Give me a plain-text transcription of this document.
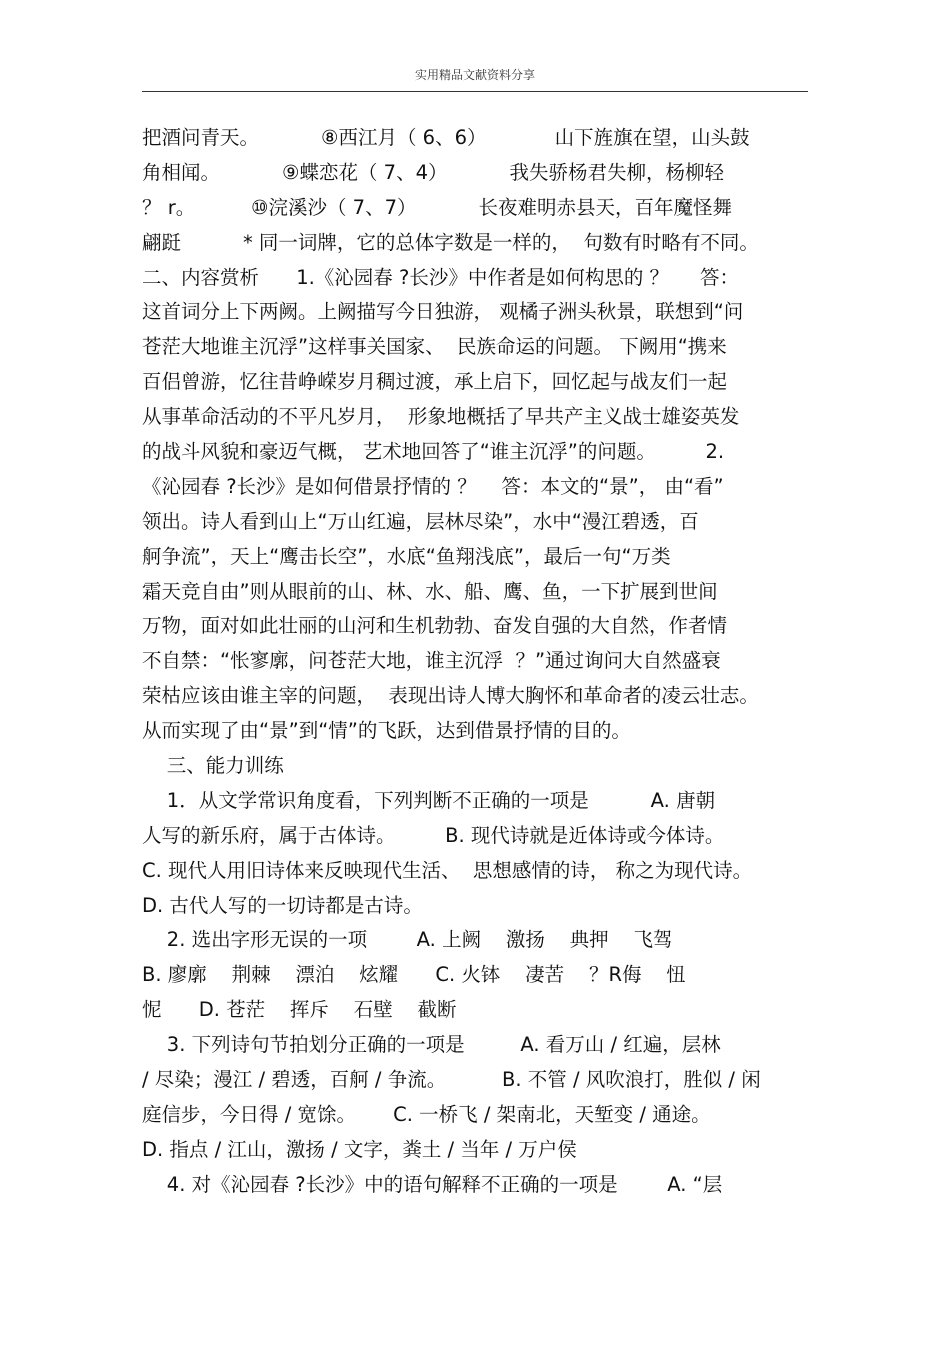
实用精品文献资料分享
把酒问青天。          ⑧西江月（ 6、6）           山下旌旗在望，山头鼓
角相闻。          ⑨蝶恋花（ 7、4）          我失骄杨君失柳，杨柳轻
？ r。         ⑩浣溪沙（ 7、7）          长夜难明赤县天，百年魔怪舞
翩跹          * 同一词牌，它的总体字数是一样的，  句数有时略有不同。
二、内容赏析      1.《沁园春 ?长沙》中作者是如何构思的 ？     答：
这首词分上下两阙。上阙描写今日独游， 观橘子洲头秋景，联想到“问
苍茫大地谁主沉浮”这样事关国家、  民族命运的问题。 下阙用“携来
百侣曾游，忆往昔峥嵘岁月稠过渡，承上启下，回忆起与战友们一起
从事革命活动的不平凡岁月，  形象地概括了早共产主义战士雄姿英发
的战斗风貌和豪迈气概， 艺术地回答了“谁主沉浮”的问题。        2.
《沁园春 ?长沙》是如何借景抒情的 ？    答：本文的“景”， 由“看”
领出。诗人看到山上“万山红遍，层林尽染”，水中“漫江碧透，百
舸争流”，天上“鹰击长空”，水底“鱼翔浅底”，最后一句“万类
霜天竞自由”则从眼前的山、林、水、船、鹰、鱼，一下扩展到世间
万物，面对如此壮丽的山河和生机勃勃、奋发自强的大自然，作者情
不自禁：“怅寥廓，问苍茫大地，谁主沉浮  ？”通过询问大自然盛衰
荣枯应该由谁主宰的问题，  表现出诗人博大胸怀和革命者的凌云壮志。
从而实现了由“景”到“情”的飞跃，达到借景抒情的目的。
三、能力训练
1．从文学常识角度看，下列判断不正确的一项是          A. 唐朝
人写的新乐府，属于古体诗。        B. 现代诗就是近体诗或今体诗。
C. 现代人用旧诗体来反映现代生活、  思想感情的诗， 称之为现代诗。
D. 古代人写的一切诗都是古诗。
2. 选出字形无误的一项        A. 上阙    激扬    典押    飞驾
B. 廖廓    荆棘    漂泊    炫耀      C. 火钵    凄苦    ？R侮    忸
怩      D. 苍茫    挥斥    石壁    截断
3. 下列诗句节拍划分正确的一项是         A. 看万山 / 红遍，层林
/ 尽染；漫江 / 碧透，百舸 / 争流。         B. 不管 / 风吹浪打，胜似 / 闲
庭信步，今日得 / 宽馀。      C. 一桥飞 / 架南北，天堑变 / 通途。
D. 指点 / 江山，激扬 / 文字，粪土 / 当年 / 万户侯
4. 对《沁园春 ?长沙》中的语句解释不正确的一项是        A. “层
